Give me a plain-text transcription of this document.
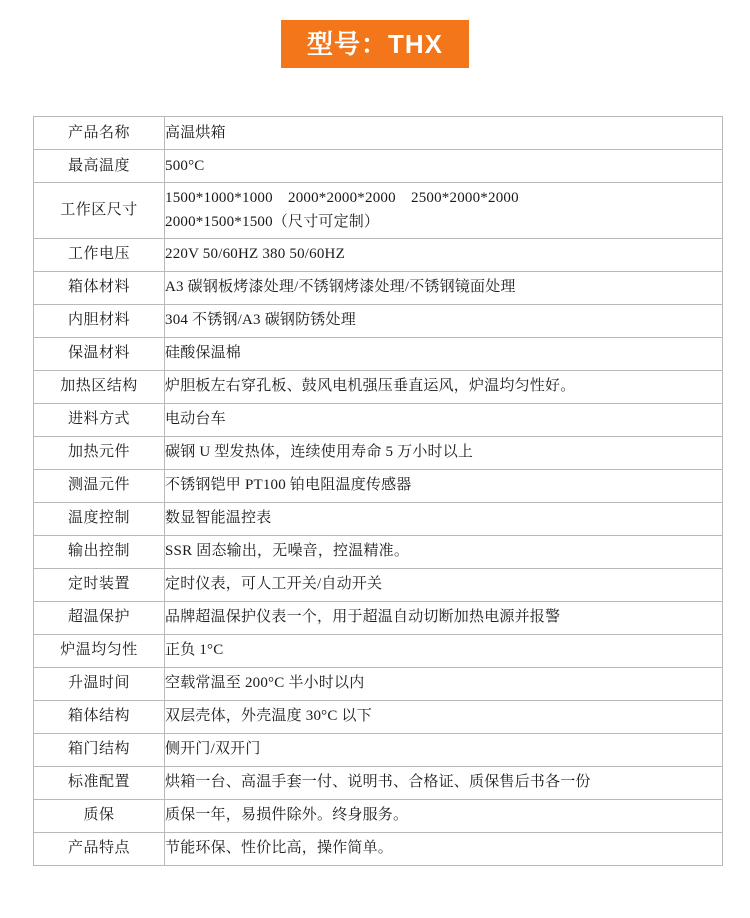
型号：THX
产品名称	高温烘箱

最高温度	500°C

工作区尺寸	1500*1000*1000　2000*2000*2000　2500*2000*2000
2000*1500*1500（尺寸可定制）

工作电压	220V 50/60HZ 380 50/60HZ

箱体材料	A3 碳钢板烤漆处理/不锈钢烤漆处理/不锈钢镜面处理

内胆材料	304 不锈钢/A3 碳钢防锈处理

保温材料	硅酸保温棉

加热区结构	炉胆板左右穿孔板、鼓风电机强压垂直运风，炉温均匀性好。

进料方式	电动台车

加热元件	碳钢 U 型发热体，连续使用寿命 5 万小时以上

测温元件	不锈钢铠甲 PT100 铂电阻温度传感器

温度控制	数显智能温控表

输出控制	SSR 固态输出，无噪音，控温精准。

定时装置	定时仪表，可人工开关/自动开关

超温保护	品牌超温保护仪表一个，用于超温自动切断加热电源并报警

炉温均匀性	正负 1°C

升温时间	空载常温至 200°C 半小时以内

箱体结构	双层壳体，外壳温度 30°C 以下

箱门结构	侧开门/双开门

标准配置	烘箱一台、高温手套一付、说明书、合格证、质保售后书各一份

质保	质保一年，易损件除外。终身服务。

产品特点	节能环保、性价比高，操作简单。
